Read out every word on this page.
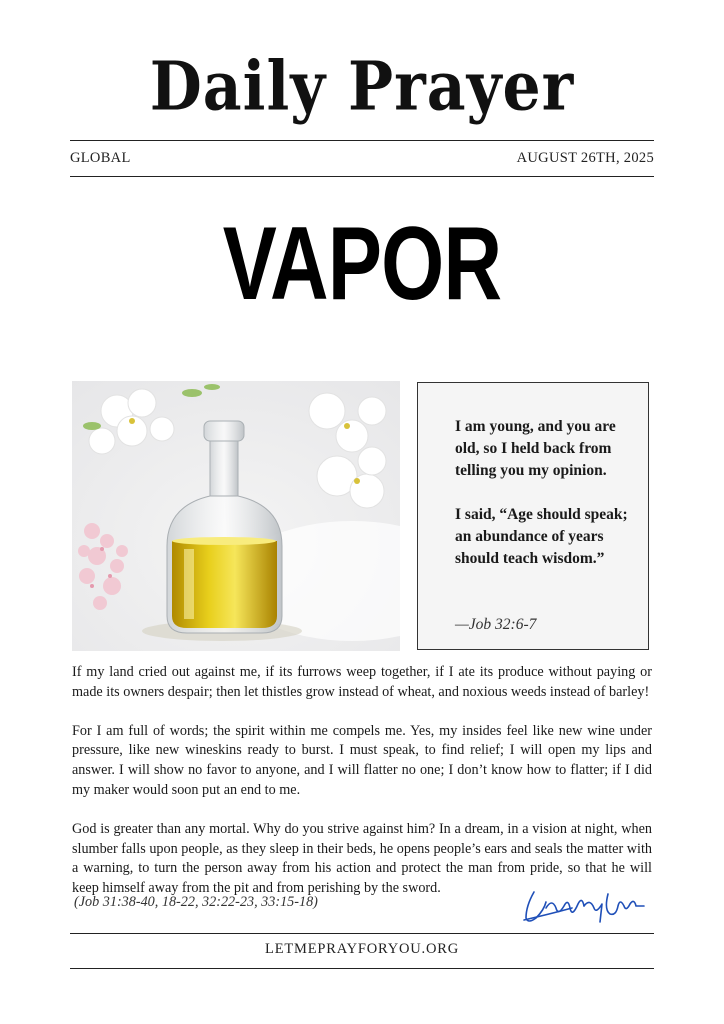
Daily Prayer
GLOBAL	AUGUST 26TH, 2025
VAPOR

I am young, and you are old, so I held back from telling you my opinion.

I said, “Age should speak; an abundance of years should teach wisdom.”

—Job 32:6-7

If my land cried out against me, if its furrows weep together, if I ate its produce without paying or made its owners despair; then let thistles grow instead of wheat, and noxious weeds instead of barley!

For I am full of words; the spirit within me compels me. Yes, my insides feel like new wine under pressure, like new wineskins ready to burst. I must speak, to find relief; I will open my lips and answer. I will show no favor to anyone, and I will flatter no one; I don’t know how to flatter; if I did my maker would soon put an end to me.

God is greater than any mortal. Why do you strive against him? In a dream, in a vision at night, when slumber falls upon people, as they sleep in their beds, he opens people’s ears and seals the matter with a warning, to turn the person away from his action and protect the man from pride, so that he will keep himself away from the pit and from perishing by the sword.

(Job 31:38-40, 18-22, 32:22-23, 33:15-18)
LETMEPRAYFORYOU.ORG
